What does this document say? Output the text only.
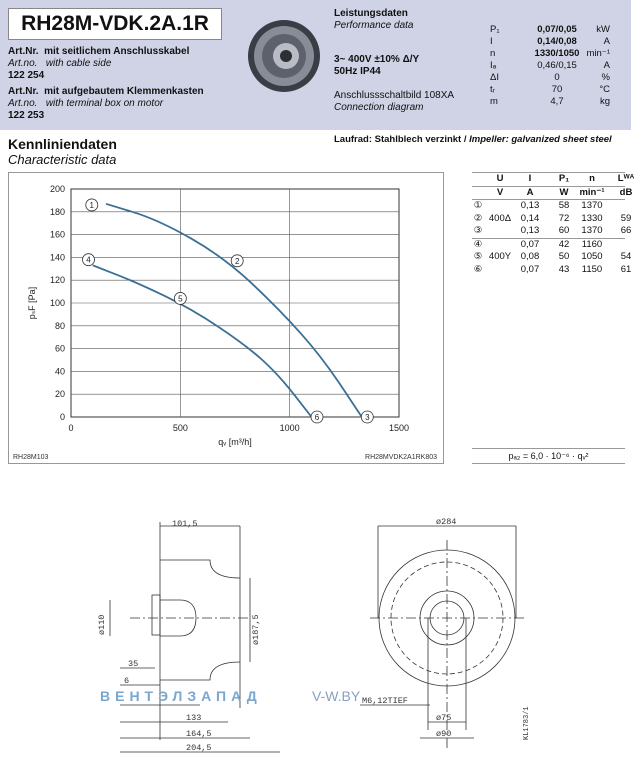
RH28M-VDK.2A.1R
Art.Nr. mit seitlichem Anschlusskabel
Art.no. with cable side
122 254
Art.Nr. mit aufgebautem Klemmenkasten
Art.no. with terminal box on motor
122 253
Leistungsdaten
Performance data
3~ 400V ±10% Δ/Y
50Hz IP44
Anschlussschaltbild 108XA
Connection diagram
P₁	0,07/0,05	kW
I	0,14/0,08	A
n	1330/1050 min⁻¹
Iₐ	0,46/0,15	A
ΔI	0	%
tᵣ	70	°C
m	4,7	kg
Laufrad: Stahlblech verzinkt / Impeller: galvanized sheet steel
Kennliniendaten
Characteristic data
0
20
40
60
80
100
120
140
160
180
200
0	500	1000	1500
qᵥ [m³/h]
pₛF [Pa]
RH28M103	RH28MVDK2A1RK803
1
2
3
4
5
6
U	I	P₁	n	Lᵂᴬ
V	A	W	min⁻¹	dB
①	0,13	58	1370
② 400Δ	0,14	72	1330	59
③	0,13	60	1370	66
④	0,07	42	1160
⑤ 400Y	0,08	50	1050	54
⑥	0,07	43	1150	61
pₐ₂ = 6,0 · 10⁻⁶ · qᵥ²
101,5
ø110	ø187,5
35
6
133
164,5
204,5
ø284
M6,12TIEF
ø75
ø90	KL1783/1
ВЕНТЭЛЗАПАД	V-W.BY
